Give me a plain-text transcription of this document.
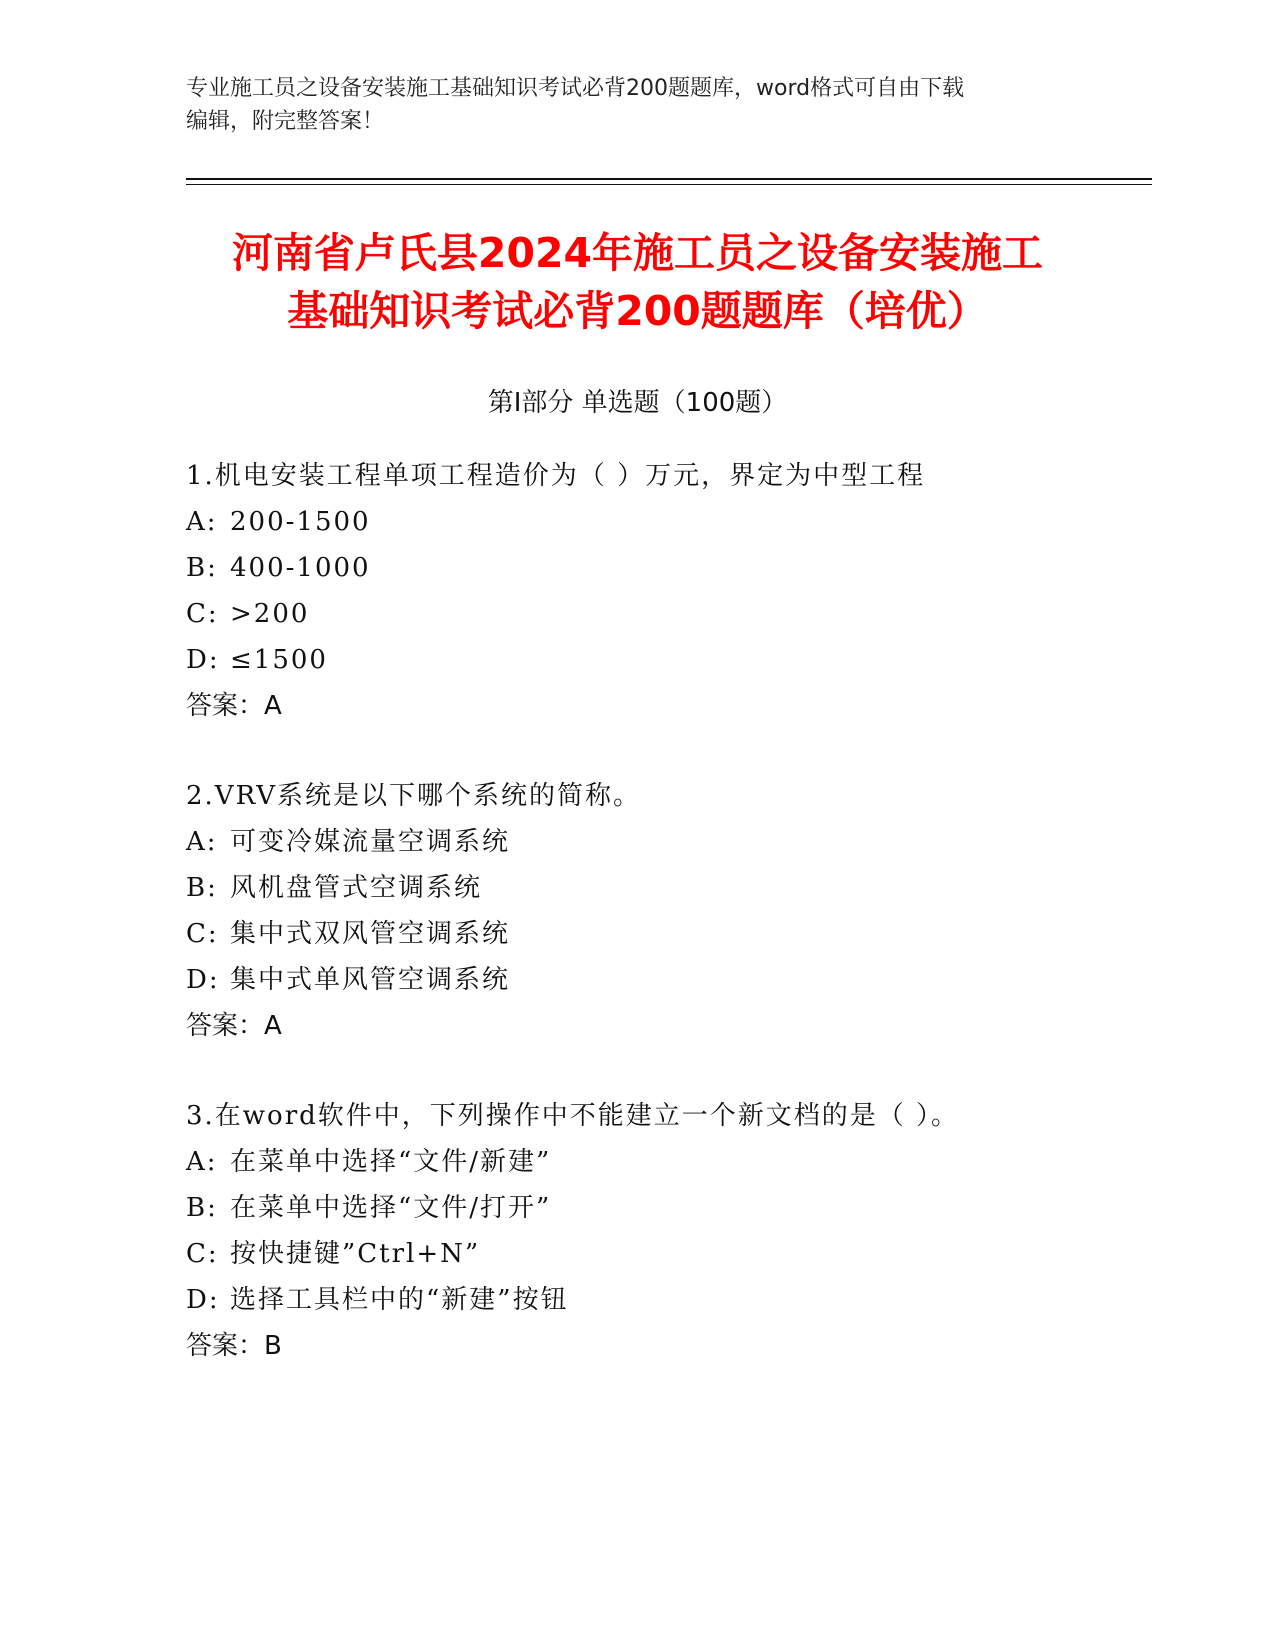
专业施工员之设备安装施工基础知识考试必背200题题库，word格式可自由下载
编辑，附完整答案！
河南省卢氏县2024年施工员之设备安装施工
基础知识考试必背200题题库（培优）
第Ⅰ部分 单选题（100题）
1.机电安装工程单项工程造价为（ ）万元，界定为中型工程
A: 200-1500
B: 400-1000
C: >200
D: ≤1500
答案：A
2.VRV系统是以下哪个系统的简称。
A: 可变冷媒流量空调系统
B: 风机盘管式空调系统
C: 集中式双风管空调系统
D: 集中式单风管空调系统
答案：A
3.在word软件中，下列操作中不能建立一个新文档的是（ ）。
A: 在菜单中选择“文件/新建”
B: 在菜单中选择“文件/打开”
C: 按快捷键”Ctrl+N”
D: 选择工具栏中的“新建”按钮
答案：B
